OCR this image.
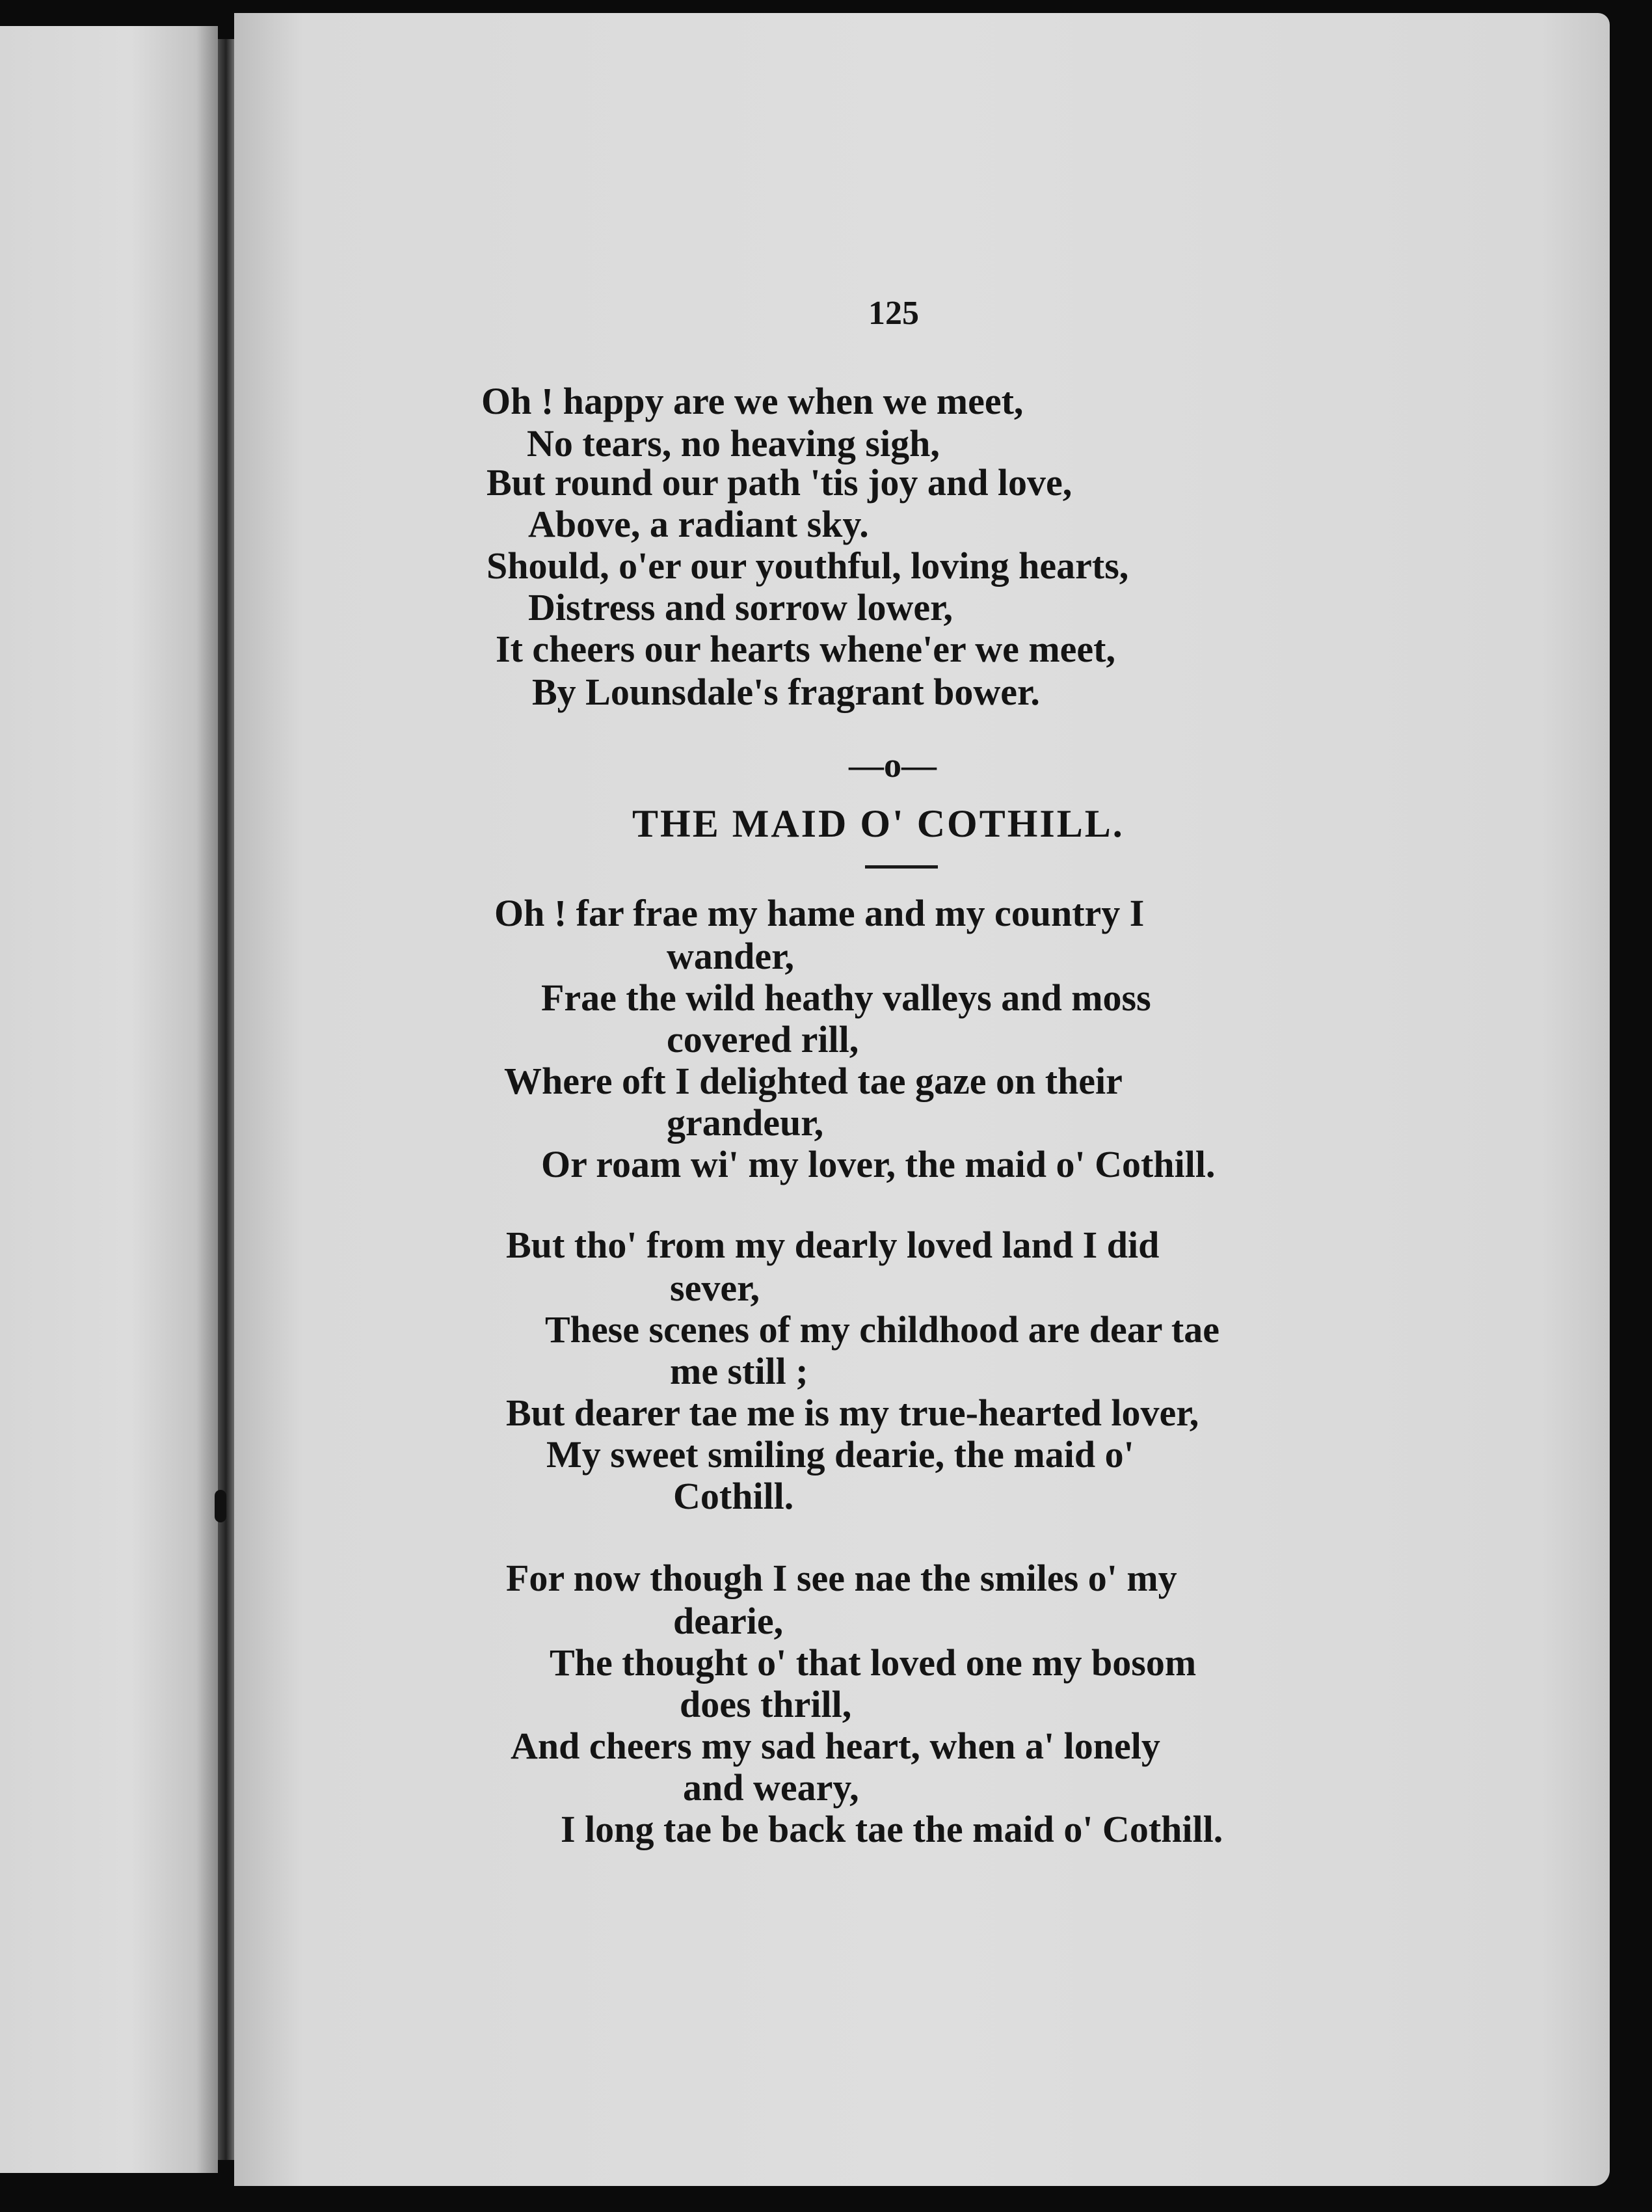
125
Oh ! happy are we when we meet,
No tears, no heaving sigh,
But round our path 'tis joy and love,
Above, a radiant sky.
Should, o'er our youthful, loving hearts,
Distress and sorrow lower,
It cheers our hearts whene'er we meet,
By Lounsdale's fragrant bower.
—o—
THE MAID O' COTHILL.
Oh ! far frae my hame and my country I
wander,
Frae the wild heathy valleys and moss
covered rill,
Where oft I delighted tae gaze on their
grandeur,
Or roam wi' my lover, the maid o' Cothill.
But tho' from my dearly loved land I did
sever,
These scenes of my childhood are dear tae
me still ;
But dearer tae me is my true-hearted lover,
My sweet smiling dearie, the maid o'
Cothill.
For now though I see nae the smiles o' my
dearie,
The thought o' that loved one my bosom
does thrill,
And cheers my sad heart, when a' lonely
and weary,
I long tae be back tae the maid o' Cothill.
